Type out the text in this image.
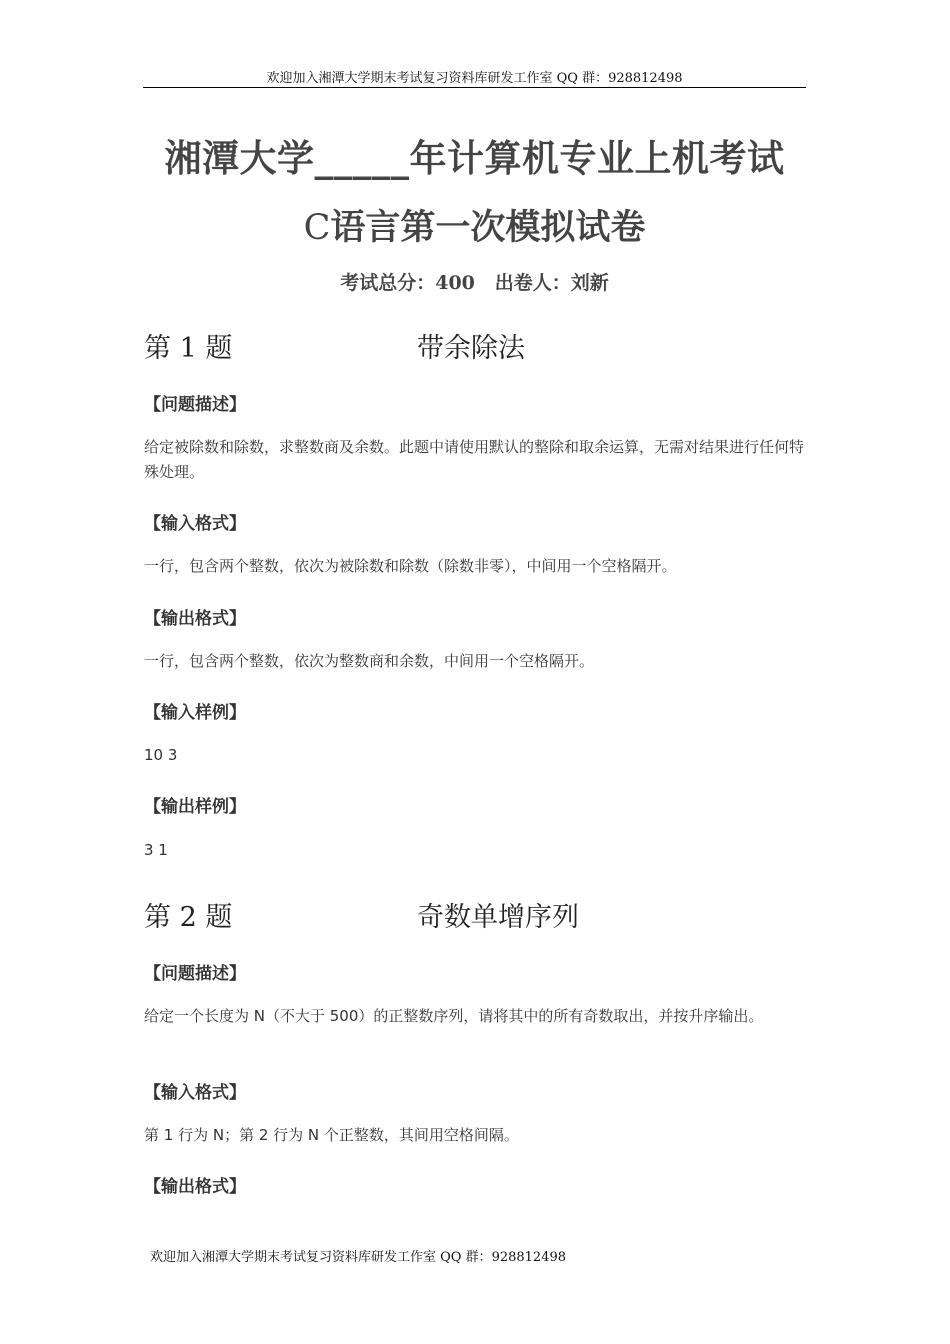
欢迎加入湘潭大学期末考试复习资料库研发工作室 QQ 群：928812498
湘潭大学_____年计算机专业上机考试
C语言第一次模拟试卷
考试总分：400   出卷人：刘新
第 1 题	带余除法
【问题描述】
给定被除数和除数，求整数商及余数。此题中请使用默认的整除和取余运算，无需对结果进行任何特殊处理。
【输入格式】
一行，包含两个整数，依次为被除数和除数（除数非零），中间用一个空格隔开。
【输出格式】
一行，包含两个整数，依次为整数商和余数，中间用一个空格隔开。
【输入样例】
10 3
【输出样例】
3 1
第 2 题	奇数单增序列
【问题描述】
给定一个长度为 N（不大于 500）的正整数序列，请将其中的所有奇数取出，并按升序输出。
【输入格式】
第 1 行为 N；第 2 行为 N 个正整数，其间用空格间隔。
【输出格式】
欢迎加入湘潭大学期末考试复习资料库研发工作室 QQ 群：928812498
